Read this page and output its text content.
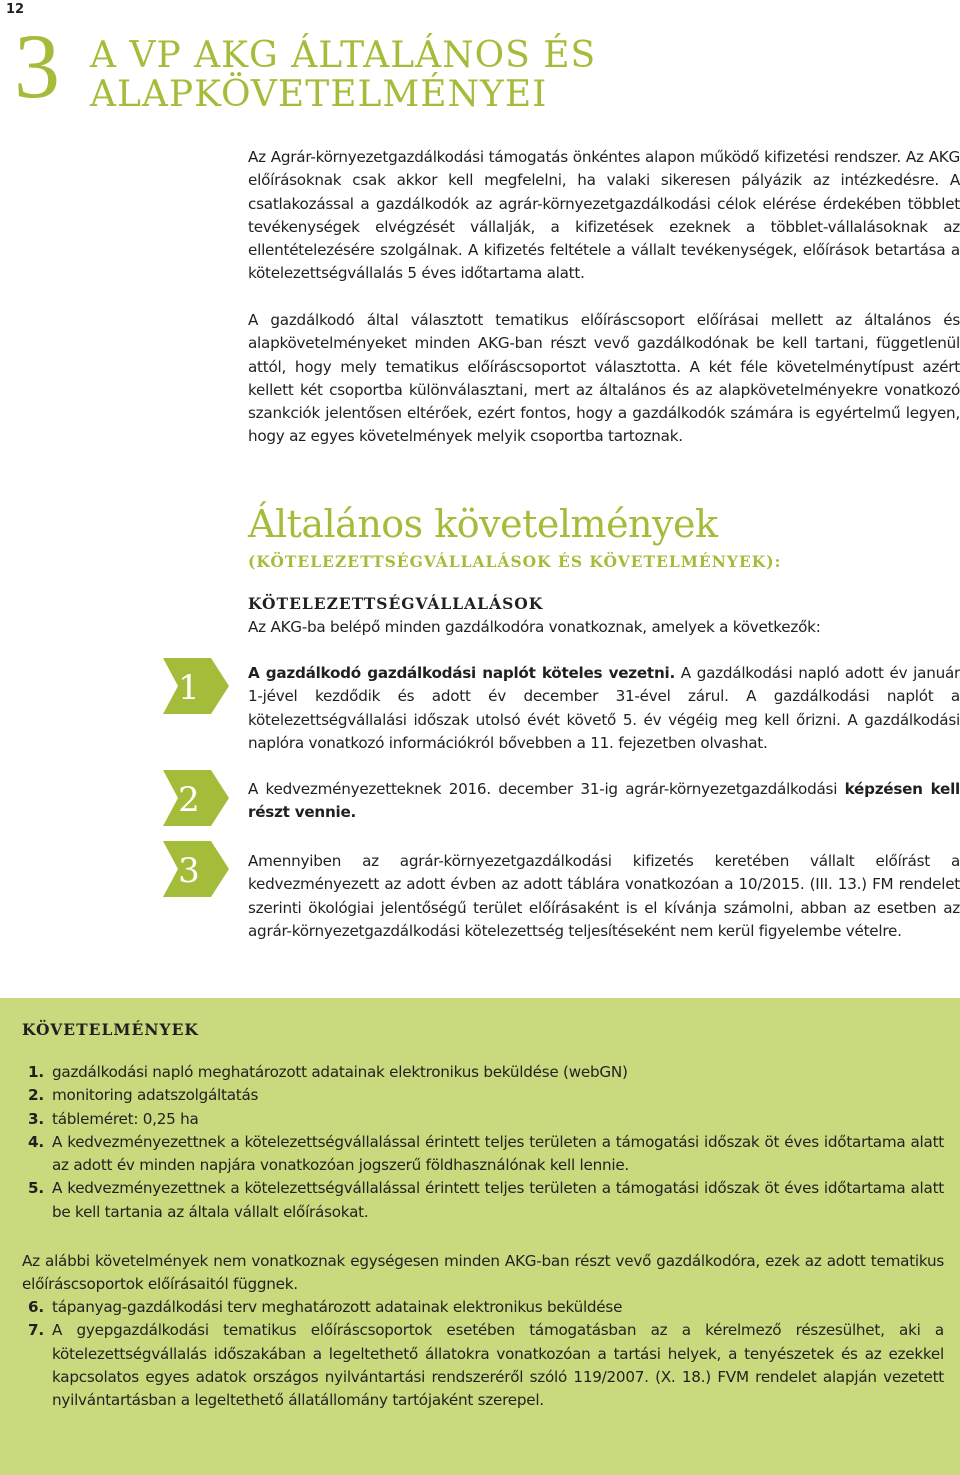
12
3 A VP AKG ÁLTALÁNOS ÉS ALAPKÖVETELMÉNYEI

Az Agrár-környezetgazdálkodási támogatás önkéntes alapon működő kifizetési rendszer. Az AKG előírásoknak csak akkor kell megfelelni, ha valaki sikeresen pályázik az intézkedésre. A csatlakozással a gazdálkodók az agrár-környezetgazdálkodási célok elérése érdekében többlet tevékenységek elvégzését vállalják, a kifizetések ezeknek a többlet-vállalásoknak az ellentételezésére szolgálnak. A kifizetés feltétele a vállalt tevékenységek, előírások betartása a kötelezettségvállalás 5 éves időtartama alatt.

A gazdálkodó által választott tematikus előíráscsoport előírásai mellett az általános és alapkövetelményeket minden AKG-ban részt vevő gazdálkodónak be kell tartani, függetlenül attól, hogy mely tematikus előíráscsoportot választotta. A két féle követelménytípust azért kellett két csoportba különválasztani, mert az általános és az alapkövetelményekre vonatkozó szankciók jelentősen eltérőek, ezért fontos, hogy a gazdálkodók számára is egyértelmű legyen, hogy az egyes követelmények melyik csoportba tartoznak.

Általános követelmények
(KÖTELEZETTSÉGVÁLLALÁSOK ÉS KÖVETELMÉNYEK):
KÖTELEZETTSÉGVÁLLALÁSOK

Az AKG-ba belépő minden gazdálkodóra vonatkoznak, amelyek a következők:

1
2
3

A gazdálkodó gazdálkodási naplót köteles vezetni. A gazdálkodási napló adott év január 1-jével kezdődik és adott év december 31-ével zárul. A gazdálkodási naplót a kötelezettségvállalási időszak utolsó évét követő 5. év végéig meg kell őrizni. A gazdálkodási naplóra vonatkozó információkról bővebben a 11. fejezetben olvashat.

A kedvezményezetteknek 2016. december 31-ig agrár-környezetgazdálkodási képzésen kell részt vennie.

Amennyiben az agrár-környezetgazdálkodási kifizetés keretében vállalt előírást a kedvezményezett az adott évben az adott táblára vonatkozóan a 10/2015. (III. 13.) FM rendelet szerinti ökológiai jelentőségű terület előírásaként is el kívánja számolni, abban az esetben az agrár-környezetgazdálkodási kötelezettség teljesítéseként nem kerül figyelembe vételre.

KÖVETELMÉNYEK
1. gazdálkodási napló meghatározott adatainak elektronikus beküldése (webGN)
2. monitoring adatszolgáltatás
3. tábleméret: 0,25 ha
4. A kedvezményezettnek a kötelezettségvállalással érintett teljes területen a támogatási időszak öt éves időtartama alatt az adott év minden napjára vonatkozóan jogszerű földhasználónak kell lennie.
5. A kedvezményezettnek a kötelezettségvállalással érintett teljes területen a támogatási időszak öt éves időtartama alatt be kell tartania az általa vállalt előírásokat.

Az alábbi követelmények nem vonatkoznak egységesen minden AKG-ban részt vevő gazdálkodóra, ezek az adott tematikus előíráscsoportok előírásaitól függnek.

6. tápanyag-gazdálkodási terv meghatározott adatainak elektronikus beküldése
7. A gyepgazdálkodási tematikus előíráscsoportok esetében támogatásban az a kérelmező részesülhet, aki a kötelezettségvállalás időszakában a legeltethető állatokra vonatkozóan a tartási helyek, a tenyészetek és az ezekkel kapcsolatos egyes adatok országos nyilvántartási rendszeréről szóló 119/2007. (X. 18.) FVM rendelet alapján vezetett nyilvántartásban a legeltethető állatállomány tartójaként szerepel.
